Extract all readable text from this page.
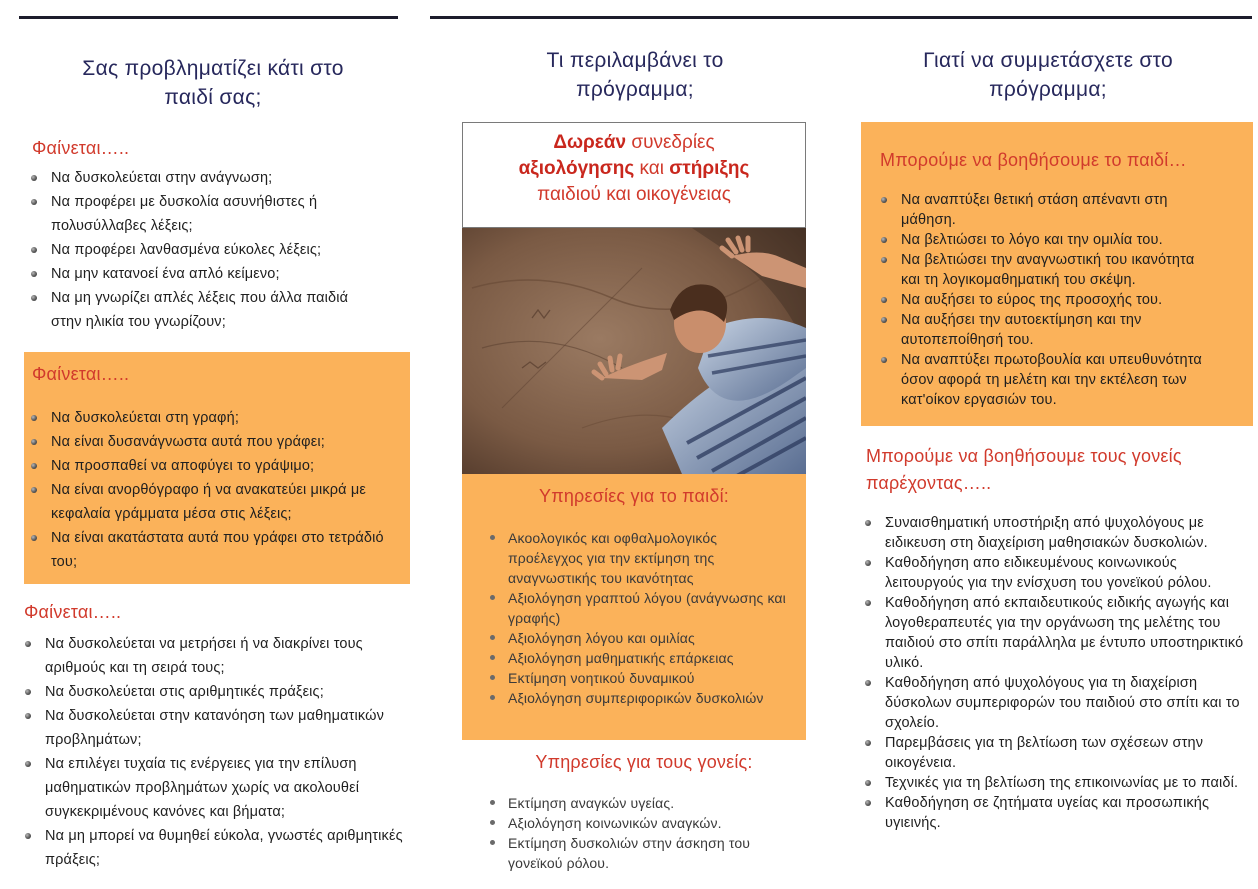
Σας προβληματίζει κάτι στο
παιδί σας;
Φαίνεται…..
Να δυσκολεύεται στην ανάγνωση;
Να προφέρει με δυσκολία ασυνήθιστες ή πολυσύλλαβες λέξεις;
Να προφέρει λανθασμένα εύκολες λέξεις;
Να μην κατανοεί ένα απλό κείμενο;
Να μη γνωρίζει απλές λέξεις που άλλα παιδιά στην ηλικία του γνωρίζουν;
Φαίνεται…..
Να δυσκολεύεται στη γραφή;
Να είναι δυσανάγνωστα αυτά που γράφει;
Να προσπαθεί να αποφύγει το γράψιμο;
Να είναι ανορθόγραφο ή να ανακατεύει μικρά με κεφαλαία γράμματα μέσα στις λέξεις;
Να είναι ακατάστατα αυτά που γράφει στο τετράδιό του;
Φαίνεται…..
Να δυσκολεύεται να μετρήσει ή να διακρίνει τους αριθμούς και τη σειρά τους;
Να δυσκολεύεται στις αριθμητικές πράξεις;
Να δυσκολεύεται στην κατανόηση των μαθηματικών προβλημάτων;
Να επιλέγει τυχαία τις ενέργειες για την επίλυση μαθηματικών προβλημάτων χωρίς να ακολουθεί συγκεκριμένους κανόνες και βήματα;
Να μη μπορεί να θυμηθεί εύκολα, γνωστές αριθμητικές πράξεις;
Τι περιλαμβάνει το
πρόγραμμα;
Δωρεάν συνεδρίες
αξιολόγησης και στήριξης
παιδιού και οικογένειας
Υπηρεσίες για το παιδί:
Ακοολογικός και οφθαλμολογικός προέλεγχος για την εκτίμηση της αναγνωστικής του ικανότητας
Αξιολόγηση γραπτού λόγου (ανάγνωσης και γραφής)
Αξιολόγηση λόγου και ομιλίας
Αξιολόγηση μαθηματικής επάρκειας
Εκτίμηση νοητικού δυναμικού
Αξιολόγηση συμπεριφορικών δυσκολιών
Υπηρεσίες για τους γονείς:
Εκτίμηση αναγκών υγείας.
Αξιολόγηση κοινωνικών αναγκών.
Εκτίμηση δυσκολιών στην άσκηση του γονεϊκού ρόλου.
Γιατί να συμμετάσχετε στο
πρόγραμμα;
Μπορούμε να βοηθήσουμε το παιδί…
Να αναπτύξει θετική στάση απέναντι στη μάθηση.
Να βελτιώσει το λόγο και την ομιλία του.
Να βελτιώσει την αναγνωστική του ικανότητα και τη λογικομαθηματική του σκέψη.
Να αυξήσει το εύρος της προσοχής του.
Να αυξήσει την αυτοεκτίμηση και την αυτοπεποίθησή του.
Να αναπτύξει πρωτοβουλία και υπευθυνότητα όσον αφορά τη μελέτη και την εκτέλεση των κατ'οίκον εργασιών του.
Μπορούμε να βοηθήσουμε τους γονείς παρέχοντας…..
Συναισθηματική υποστήριξη από ψυχολόγους με ειδικευση στη διαχείριση μαθησιακών δυσκολιών.
Καθοδήγηση απο ειδικευμένους κοινωνικούς λειτουργούς για την ενίσχυση του γονεϊκού ρόλου.
Καθοδήγηση από εκπαιδευτικούς ειδικής αγωγής και λογοθεραπευτές για την οργάνωση της μελέτης του παιδιού στο σπίτι παράλληλα με έντυπο υποστηρικτικό υλικό.
Καθοδήγηση από ψυχολόγους για τη διαχείριση δύσκολων συμπεριφορών του παιδιού στο σπίτι και το σχολείο.
Παρεμβάσεις για τη βελτίωση των σχέσεων στην οικογένεια.
Τεχνικές για τη βελτίωση της επικοινωνίας με το παιδί.
Καθοδήγηση σε ζητήματα υγείας και προσωπικής υγιεινής.
